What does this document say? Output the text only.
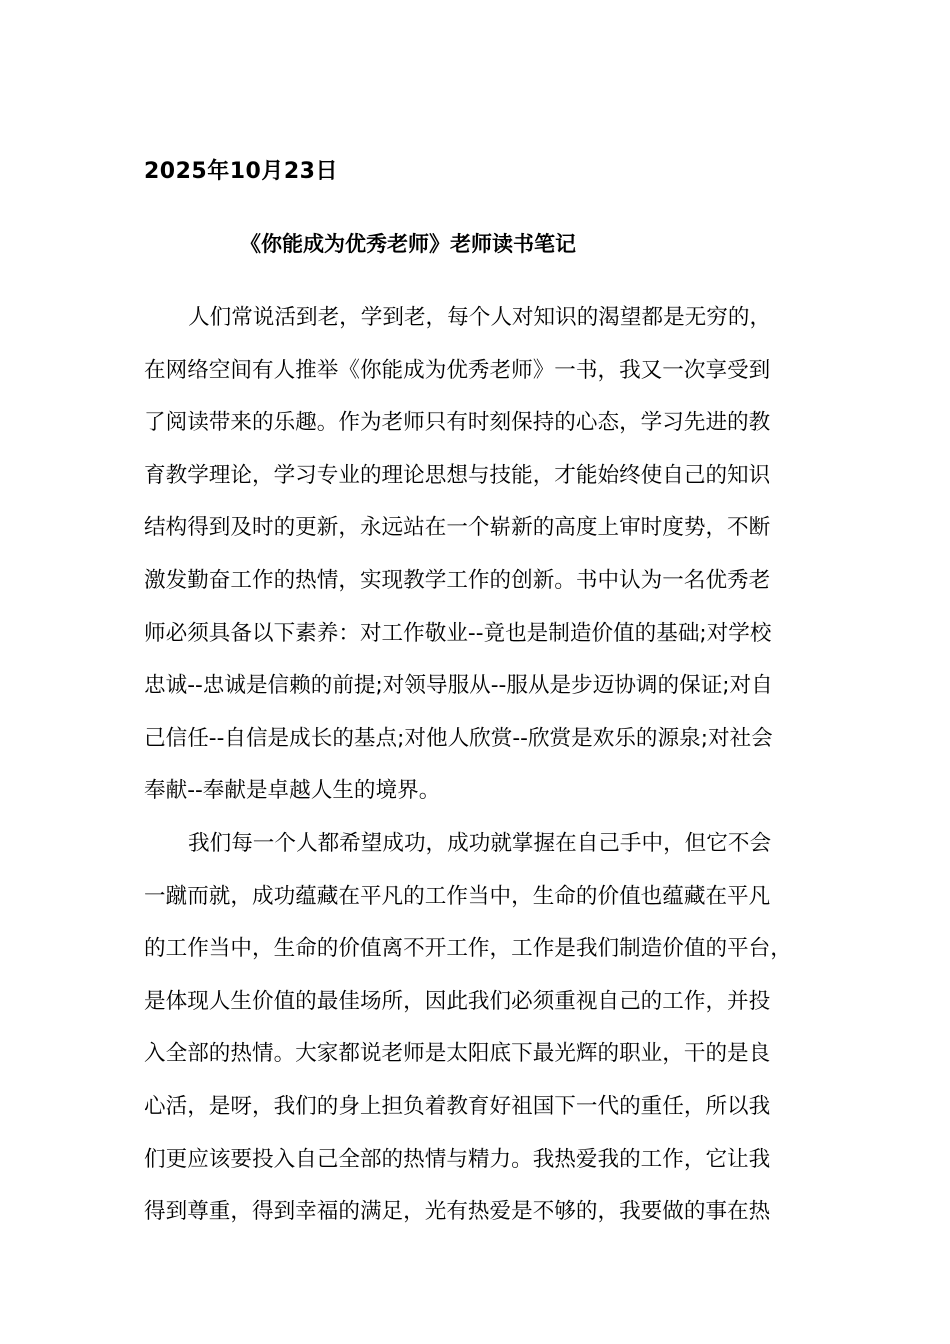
2025年10月23日
《你能成为优秀老师》老师读书笔记
人们常说活到老，学到老，每个人对知识的渴望都是无穷的，
在网络空间有人推举《你能成为优秀老师》一书，我又一次享受到
了阅读带来的乐趣。作为老师只有时刻保持的心态，学习先进的教
育教学理论，学习专业的理论思想与技能，才能始终使自己的知识
结构得到及时的更新，永远站在一个崭新的高度上审时度势，不断
激发勤奋工作的热情，实现教学工作的创新。书中认为一名优秀老
师必须具备以下素养：对工作敬业--竟也是制造价值的基础;对学校
忠诚--忠诚是信赖的前提;对领导服从--服从是步迈协调的保证;对自
己信任--自信是成长的基点;对他人欣赏--欣赏是欢乐的源泉;对社会
奉献--奉献是卓越人生的境界。
我们每一个人都希望成功，成功就掌握在自己手中，但它不会
一蹴而就，成功蕴藏在平凡的工作当中，生命的价值也蕴藏在平凡
的工作当中，生命的价值离不开工作，工作是我们制造价值的平台，
是体现人生价值的最佳场所，因此我们必须重视自己的工作，并投
入全部的热情。大家都说老师是太阳底下最光辉的职业，干的是良
心活，是呀，我们的身上担负着教育好祖国下一代的重任，所以我
们更应该要投入自己全部的热情与精力。我热爱我的工作，它让我
得到尊重，得到幸福的满足，光有热爱是不够的，我要做的事在热
